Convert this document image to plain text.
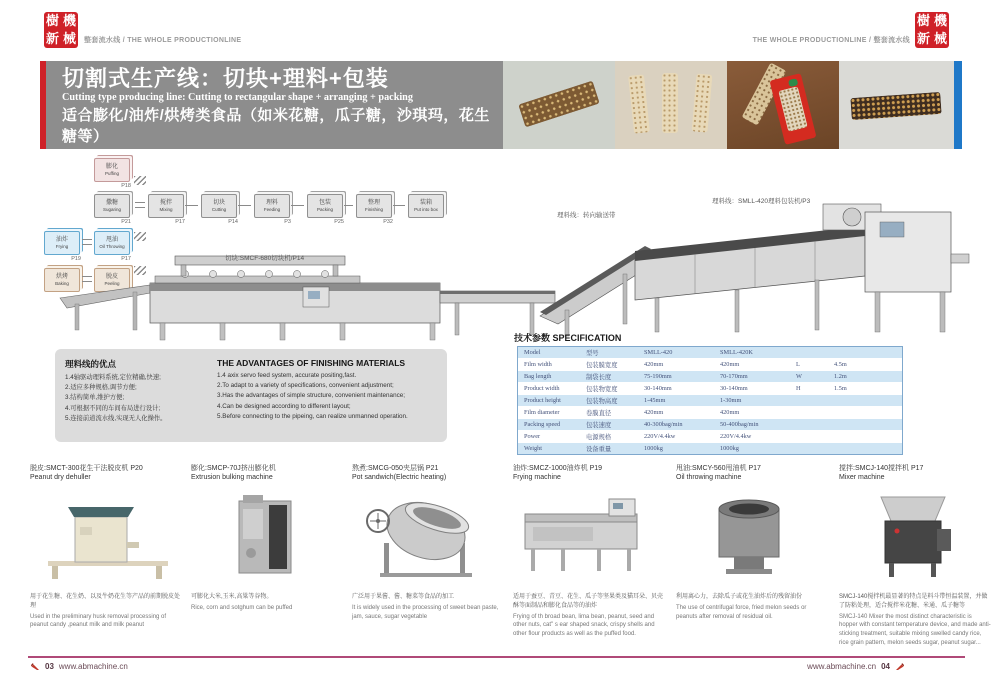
樹 機
新 械 整套流水线 / THE WHOLE PRODUCTIONLINE	THE WHOLE PRODUCTIONLINE / 整套流水线
樹 機
新 械
切割式生产线：切块+理料+包装
Cutting type producing line: Cutting to rectangular shape + arranging + packing
适合膨化/油炸/烘烤类食品（如米花糖，瓜子糖，沙琪玛，花生糖等）
Suitable for puffed/Fried/Baking foods&Such as puffed rice candy, seed candy, caramel treats, peanut candy, etc.
膨化
Puffing
P18
撒糖
Sugaring
P21
油炸
Frying
P19
甩油
Oil Throwing
P17
烘烤
Baking
脱皮
Peeling
搅拌
Mixing
P17
切块
Cutting
P14
理料
Feeding
P3
包装
Packing
P25
整理
Finishing
P32
装箱
Put into box
切块:SMCF-680切块机/P14
理料线：转向输送带
理料线：SMLL-420理料包装机/P3
理料线的优点
1.4轴驱动理料系统,定位精确,快速;
2.适应多种规格,调节方便;
3.结构简单,维护方便;
4.可根据不同的车间布局进行设计;
5.连接前道流水线,实现无人化操作。
THE ADVANTAGES OF FINISHING MATERIALS
1.4 axix servo feed system, accurate positing,fast.
2.To adapt to a variety of specifications, convenient adjustment;
3.Has the advantages of simple structure, convenient maintenance;
4.Can be designed according to different layout;
5.Before connecting to the pipeing, can realize unmanned operation.
技术参数 SPECIFICATION
Model	型号	SMLL-420	SMLL-420K
Film width	包装膜宽度	420mm	420mm	L	4.5m
Bag length	制袋长度	75-190mm	70-170mm	W	1.2m
Product width	包装物宽度	30-140mm	30-140mm	H	1.5m
Product height	包装物高度	1-45mm	1-30mm
Film diameter	卷膜直径	420mm	420mm
Packing speed	包装速度	40-300bag/min	50-400bag/min
Power	电源规格	220V/4.4kw	220V/4.4kw
Weight	设备重量	1000kg	1000kg
脱皮:SMCT-300花生干法脱皮机 P20
Peanut dry dehuller
用于花生糖、花生奶、以及牛奶花生等产品的前期脱皮处理
Used in the preliminary husk removal processing of peanut candy ,peanut milk and milk peanut
膨化:SMCP-70J挤出膨化机
Extrusion bulking machine
可膨化大米,玉米,高粱等谷物。
Rice, corn and sotghum can be puffed
熬煮:SMCG-050夹层锅 P21
Pot sandwich(Electric heating)
广泛用于果酱、酱、糖菜等食品的加工
It is widely used in the processing of sweet bean paste, jam, sauce, sugar vegetable
油炸:SMCZ-1000油炸机 P19
Frying machine
适用于蚕豆、青豆、花生、瓜子等坚果类及猫耳朵、贝壳酥等面制品和膨化食品等的油炸
Frying of th broad bean, lima bean, peanut, seed and other nuts, cat" s ear shaped snack, crispy shells and other flour products as well as the puffed food.
甩油:SMCY-560甩油机 P17
Oil throwing machine
利用离心力，去除瓜子或花生油炸后的残留油份
The use of centrifugal force, fried melon seeds or peanuts after removal of residual oil.
搅拌:SMCJ-140搅拌机 P17
Mixer machine
SMCJ-140搅拌机最显著的特点是料斗带恒温装置，并做了防粘处理，适合搅拌米花糖、米通、瓜子糖等
SMCJ-140 Mixer the most distinct characteristic is hopper with constant temperature device, and made anti-sticking treatment, suitable mixing swelled candy rice, rice grain pattern, melon seeds sugar, peanut sugar...
03 www.abmachine.cn	www.abmachine.cn 04
